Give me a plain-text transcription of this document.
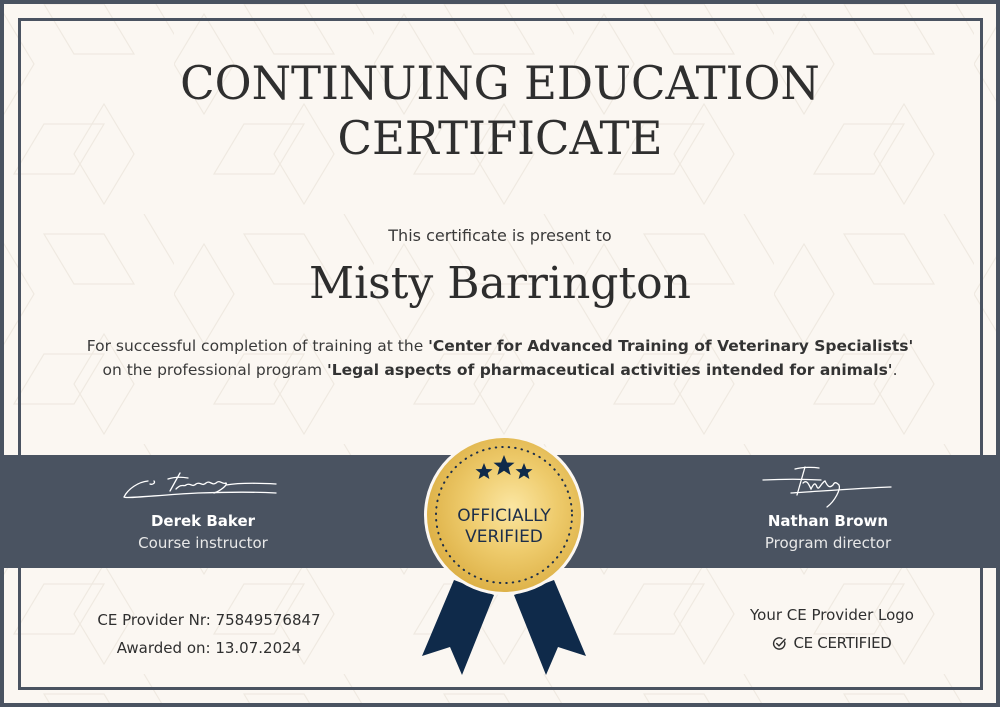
CONTINUING EDUCATION
CERTIFICATE
This certificate is present to
Misty Barrington
For successful completion of training at the 'Center for Advanced Training of Veterinary Specialists'
on the professional program 'Legal aspects of pharmaceutical activities intended for animals'.
Derek Baker
Course instructor
Nathan Brown
Program director
OFFICIALLY
VERIFIED
CE Provider Nr: 75849576847
Awarded on: 13.07.2024
Your CE Provider Logo
CE CERTIFIED
